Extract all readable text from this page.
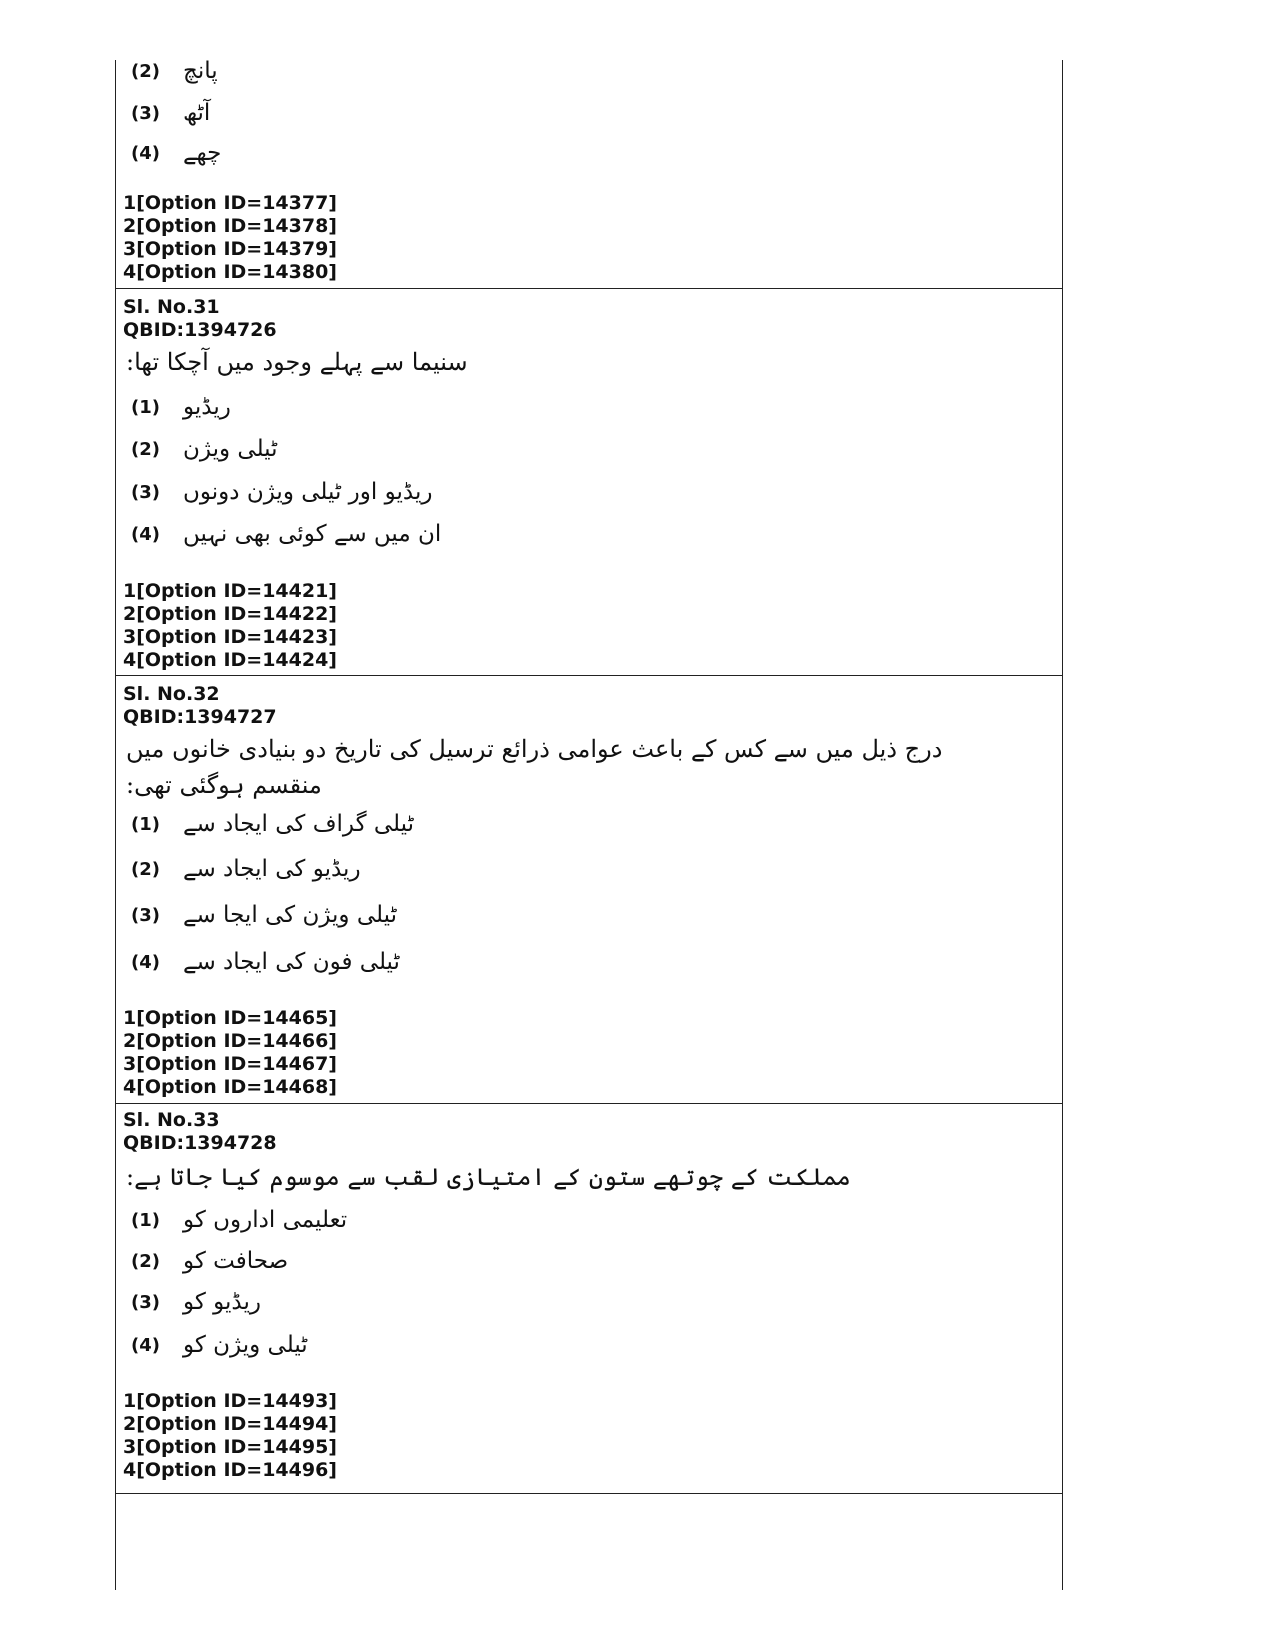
(2)	پانچ
(3)	آٹھ
(4)	چھے
1[Option ID=14377]
2[Option ID=14378]
3[Option ID=14379]
4[Option ID=14380]
Sl. No.31
QBID:1394726
سنیما سے پہلے وجود میں آچکا تھا:
(1)	ریڈیو
(2)	ٹیلی ویژن
(3)	ریڈیو اور ٹیلی ویژن دونوں
(4)	ان میں سے کوئی بھی نہیں
1[Option ID=14421]
2[Option ID=14422]
3[Option ID=14423]
4[Option ID=14424]
Sl. No.32
QBID:1394727
درج ذیل میں سے کس کے باعث عوامی ذرائع ترسیل کی تاریخ دو بنیادی خانوں میں منقسم ہوگئی تھی:
(1)	ٹیلی گراف کی ایجاد سے
(2)	ریڈیو کی ایجاد سے
(3)	ٹیلی ویژن کی ایجا سے
(4)	ٹیلی فون کی ایجاد سے
1[Option ID=14465]
2[Option ID=14466]
3[Option ID=14467]
4[Option ID=14468]
Sl. No.33
QBID:1394728
مملکت کے چوتھے ستون کے امتیازی لقب سے موسوم کیا جاتا ہے:
(1)	تعلیمی اداروں کو
(2)	صحافت کو
(3)	ریڈیو کو
(4)	ٹیلی ویژن کو
1[Option ID=14493]
2[Option ID=14494]
3[Option ID=14495]
4[Option ID=14496]
